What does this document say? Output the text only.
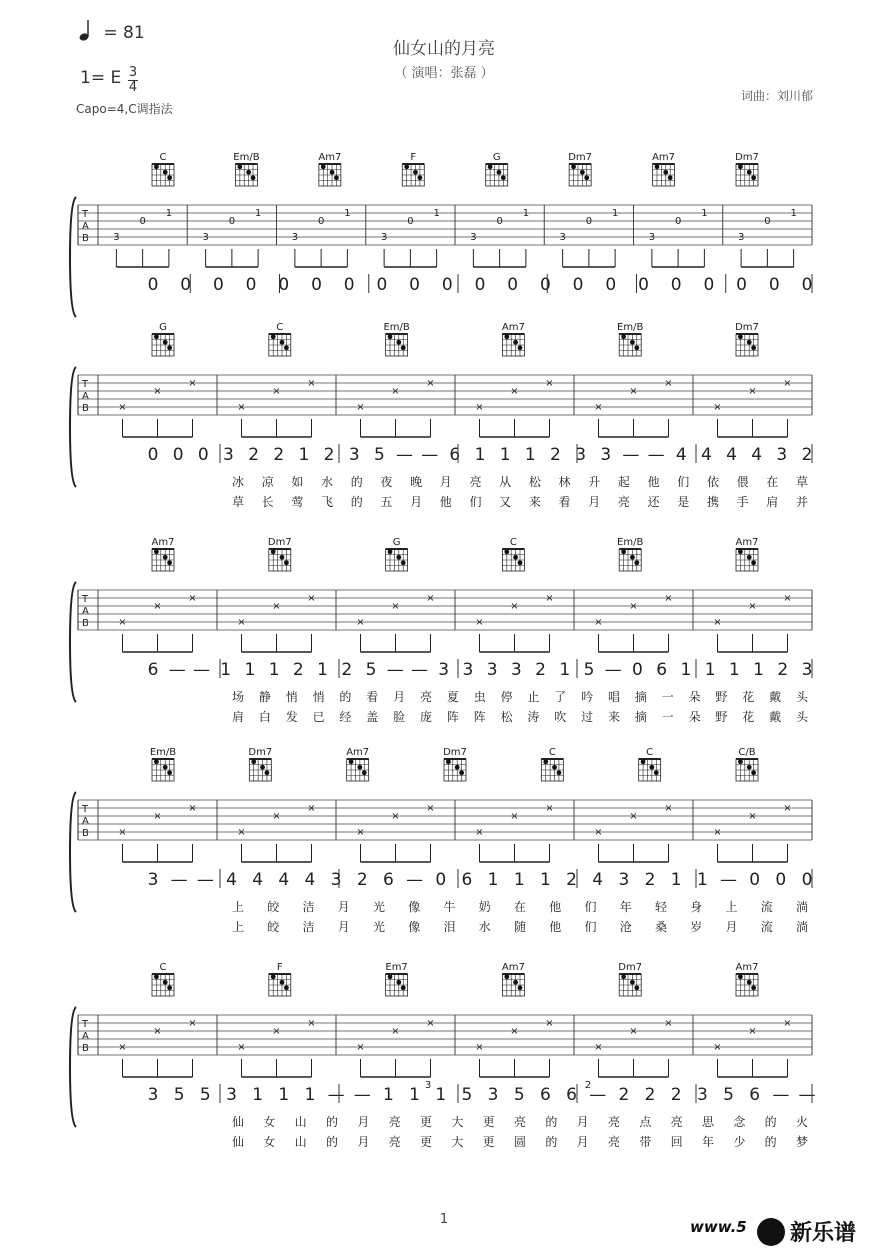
= 81
仙女山的月亮
（ 演唱：张磊 ）
1= E 3
4
词曲：刘川郁
Capo=4,C调指法
T
A
B
C	Em/B	Am7	F	G	Dm7	Am7	Dm7
3
0
1
3
0
1
3
0
1
3
0
1
3
0
1
3
0
1
3
0
1
3
0
1
0 0 0 0 0 0 0 0 0 0 0 0 0 0 0 0 0 0 0 0 0
T
A
B
G	C	Em/B	Am7	Em/B	Dm7
×
×
×
×
×
×
×
×
×
×
×
×
×
×
×
×
×
×
0 0 0 3 2 2 1 2 3 5 — — 6 1 1 1 2 3 3 — — 4 4 4 4 3 2
冰 凉 如 水 的 夜 晚 月 亮 从 松 林 升 起 他 们 依 偎 在 草
草 长 莺 飞 的 五 月 他 们 又 来 看 月 亮 还 是 携 手 肩 并
T
A
B
Am7	Dm7	G	C	Em/B	Am7
×
×
×
×
×
×
×
×
×
×
×
×
×
×
×
×
×
×
6 — — 1 1 1 2 1 2 5 — — 3 3 3 3 2 1 5 — 0 6 1 1 1 1 2 3
场 静 悄 悄 的 看 月 亮 夏 虫 停 止 了 吟 唱 摘 一 朵 野 花 戴 头
肩 白 发 已 经 盖 脸 庞 阵 阵 松 涛 吹 过 来 摘 一 朵 野 花 戴 头
T
A
B
Em/B	Dm7	Am7	Dm7	C	C	C/B
×
×
×
×
×
×
×
×
×
×
×
×
×
×
×
×
×
×
3 — — 4 4 4 4 3 2 6 — 0 6 1 1 1 2 4 3 2 1 1 — 0 0 0
上 皎 洁 月 光 像 牛 奶 在 他 们 年 轻 身 上 流 淌
上 皎 洁 月 光 像 泪 水 随 他 们 沧 桑 岁 月 流 淌
T
A
B
C	F	Em7	Am7	Dm7	Am7
×
×
×
×
×
×
×
×
×
×
×
×
×
×
×
×
×
×
3 5 5 3 1 1 1 — — 1 1 1 5 3 5 6 6 — 2 2 2 3 5 6 — —
仙 女 山 的 月 亮 更 大 更 亮 的 月 亮 点 亮 思 念 的 火
仙 女 山 的 月 亮 更 大 更 圆 的 月 亮 带 回 年 少 的 梦
3	2
1	www.5 新乐谱
